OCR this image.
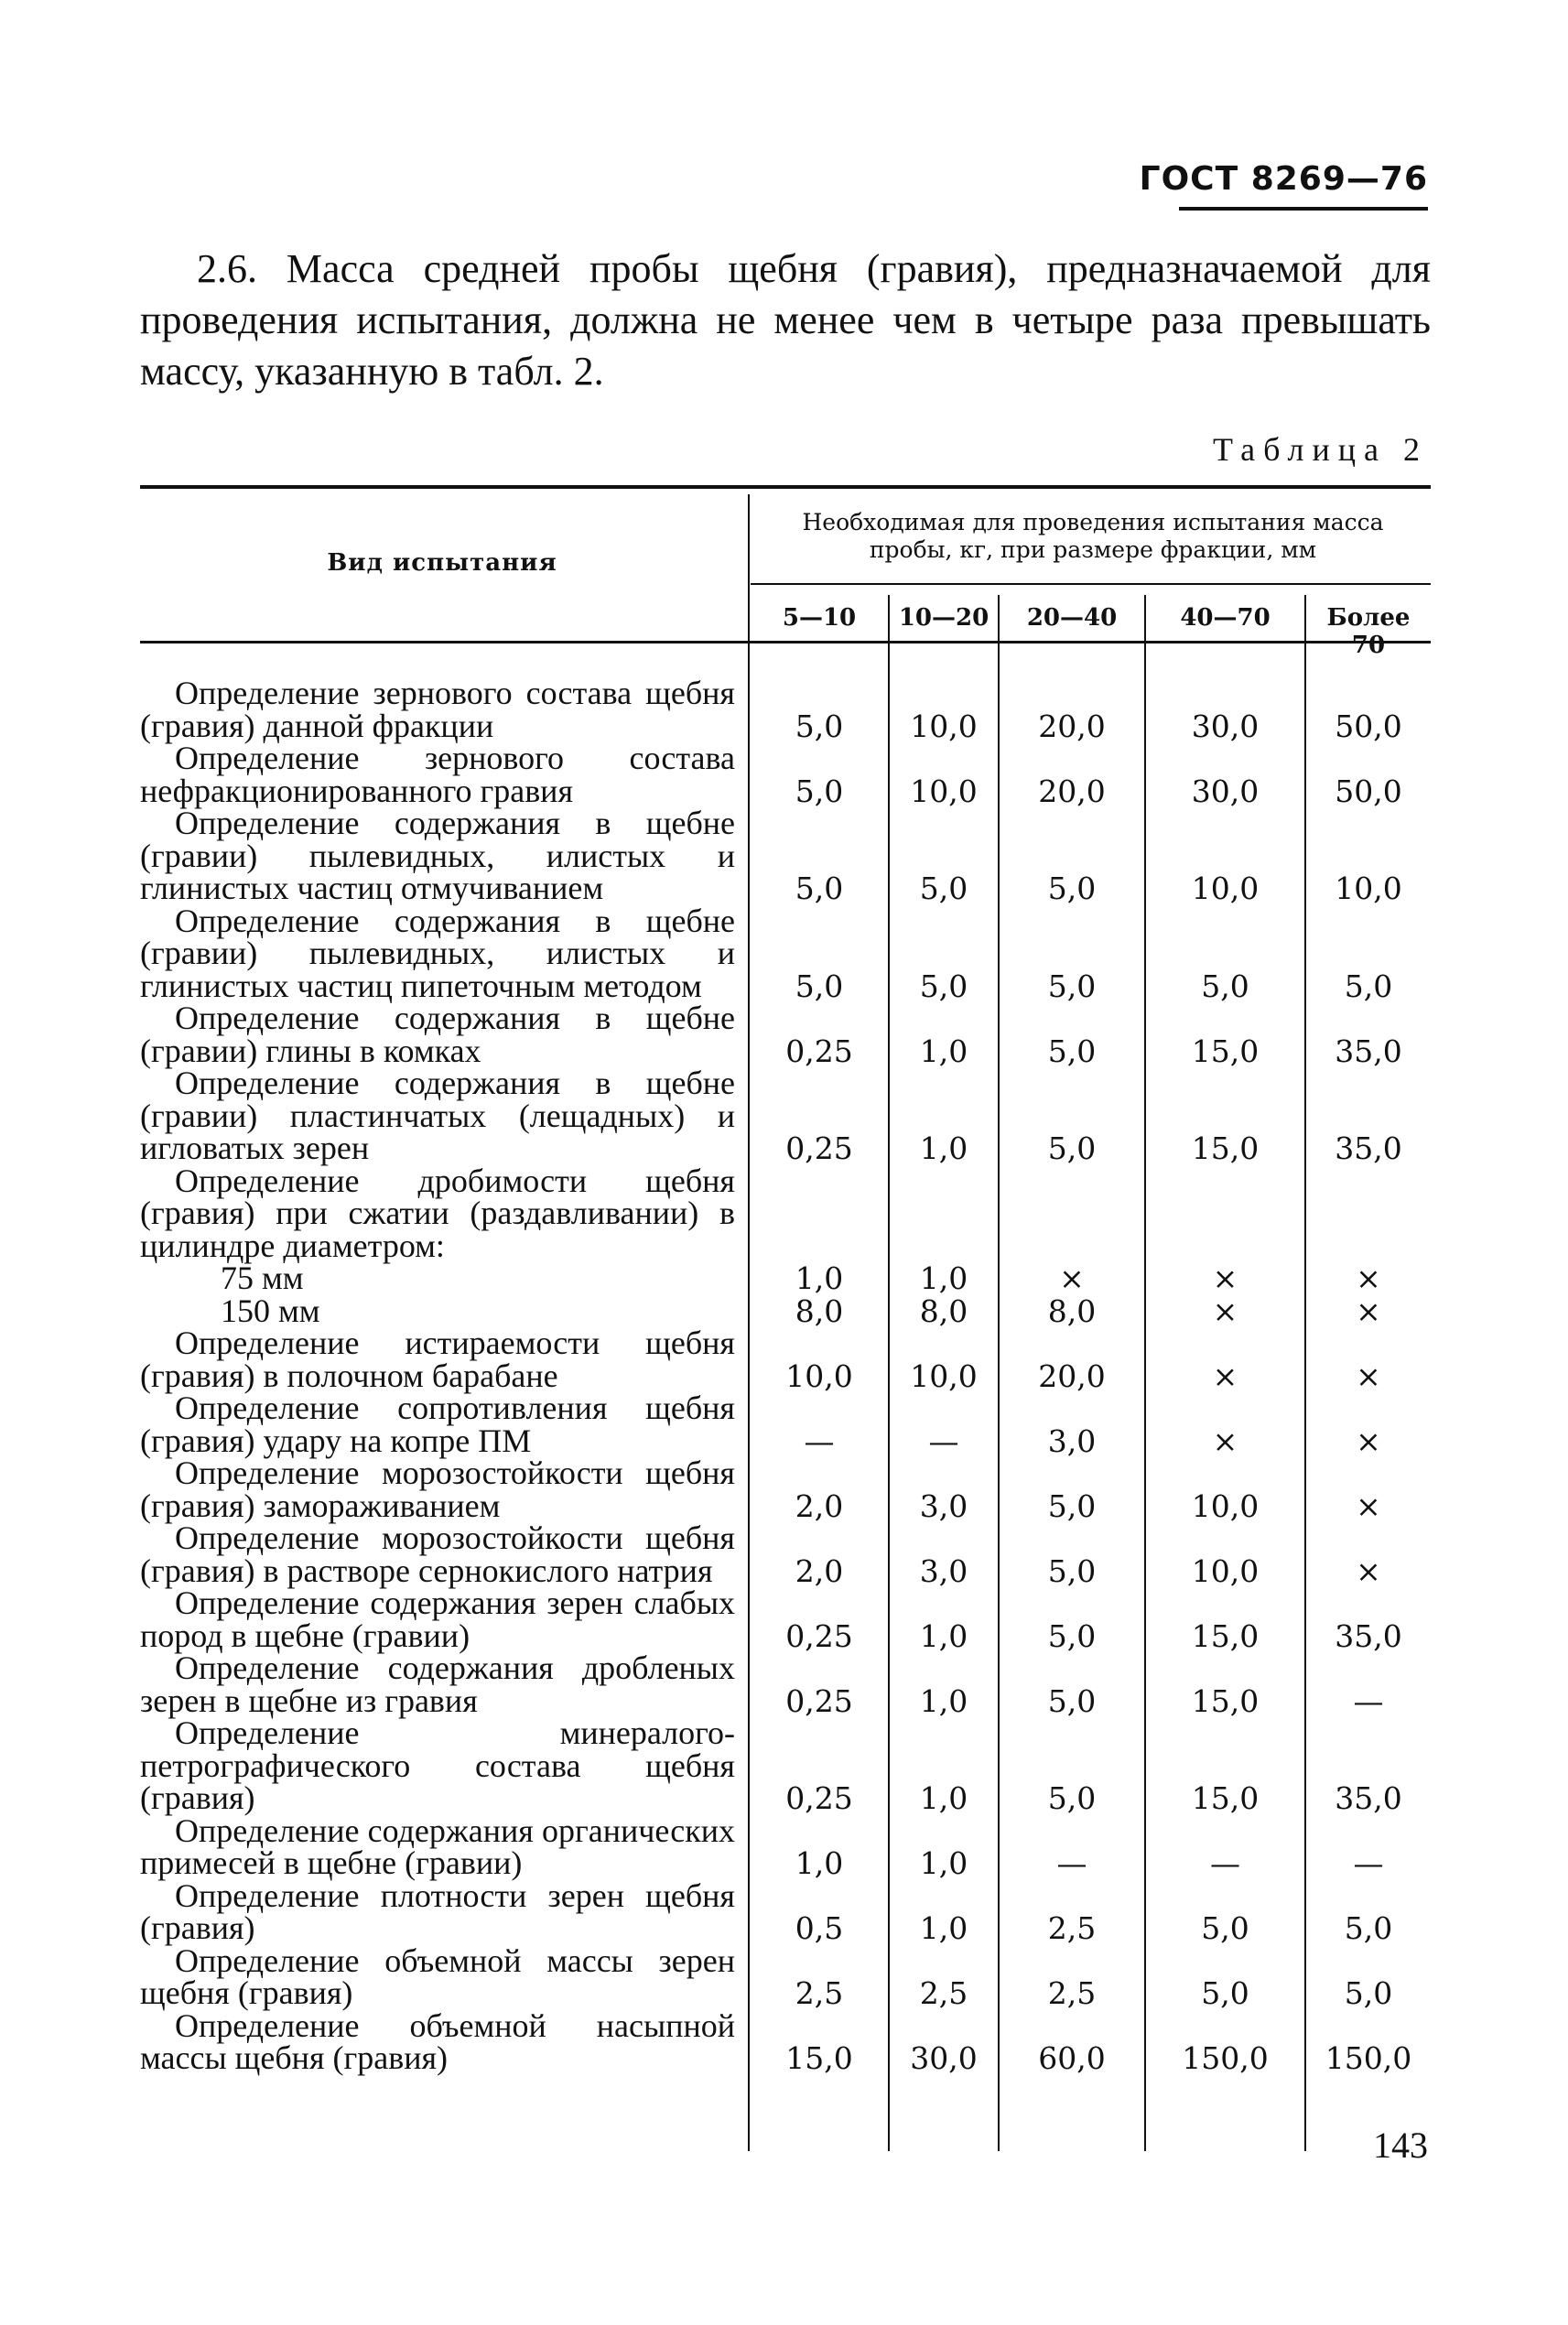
ГОСТ 8269—76

2.6. Масса средней пробы щебня (гравия), предназначаемой для проведения испытания, должна не менее чем в четыре раза превышать массу, указанную в табл. 2.

Таблица 2
Вид испытания
Необходимая для проведения испытания масса
пробы, кг, при размере фракции, мм
5—10	10—20	20—40	40—70	Более 70
Определение зернового состава щебня (гравия) данной фракции	5,0	10,0	20,0	30,0	50,0
Определение зернового состава нефракционированного гравия	5,0	10,0	20,0	30,0	50,0
Определение содержания в щебне (гравии) пылевидных, илистых и глинистых частиц отмучиванием	5,0	5,0	5,0	10,0	10,0
Определение содержания в щебне (гравии) пылевидных, илистых и глинистых частиц пипеточным методом	5,0	5,0	5,0	5,0	5,0
Определение содержания в щебне (гравии) глины в комках	0,25	1,0	5,0	15,0	35,0
Определение содержания в щебне (гравии) пластинчатых (лещадных) и игловатых зерен	0,25	1,0	5,0	15,0	35,0
Определение дробимости щебня (гравия) при сжатии (раздавливании) в цилиндре диаметром:
75 мм	1,0	1,0	×	×	×
150 мм	8,0	8,0	8,0	×	×
Определение истираемости щебня (гравия) в полочном барабане	10,0	10,0	20,0	×	×
Определение сопротивления щебня (гравия) удару на копре ПМ	—	—	3,0	×	×
Определение морозостойкости щебня (гравия) замораживанием	2,0	3,0	5,0	10,0	×
Определение морозостойкости щебня (гравия) в растворе сернокислого натрия	2,0	3,0	5,0	10,0	×
Определение содержания зерен слабых пород в щебне (гравии)	0,25	1,0	5,0	15,0	35,0
Определение содержания дробленых зерен в щебне из гравия	0,25	1,0	5,0	15,0	—
Определение минералого-петрографического состава щебня (гравия)	0,25	1,0	5,0	15,0	35,0
Определение содержания органических примесей в щебне (гравии)	1,0	1,0	—	—	—
Определение плотности зерен щебня (гравия)	0,5	1,0	2,5	5,0	5,0
Определение объемной массы зерен щебня (гравия)	2,5	2,5	2,5	5,0	5,0
Определение объемной насыпной массы щебня (гравия)	15,0	30,0	60,0	150,0	150,0
143
